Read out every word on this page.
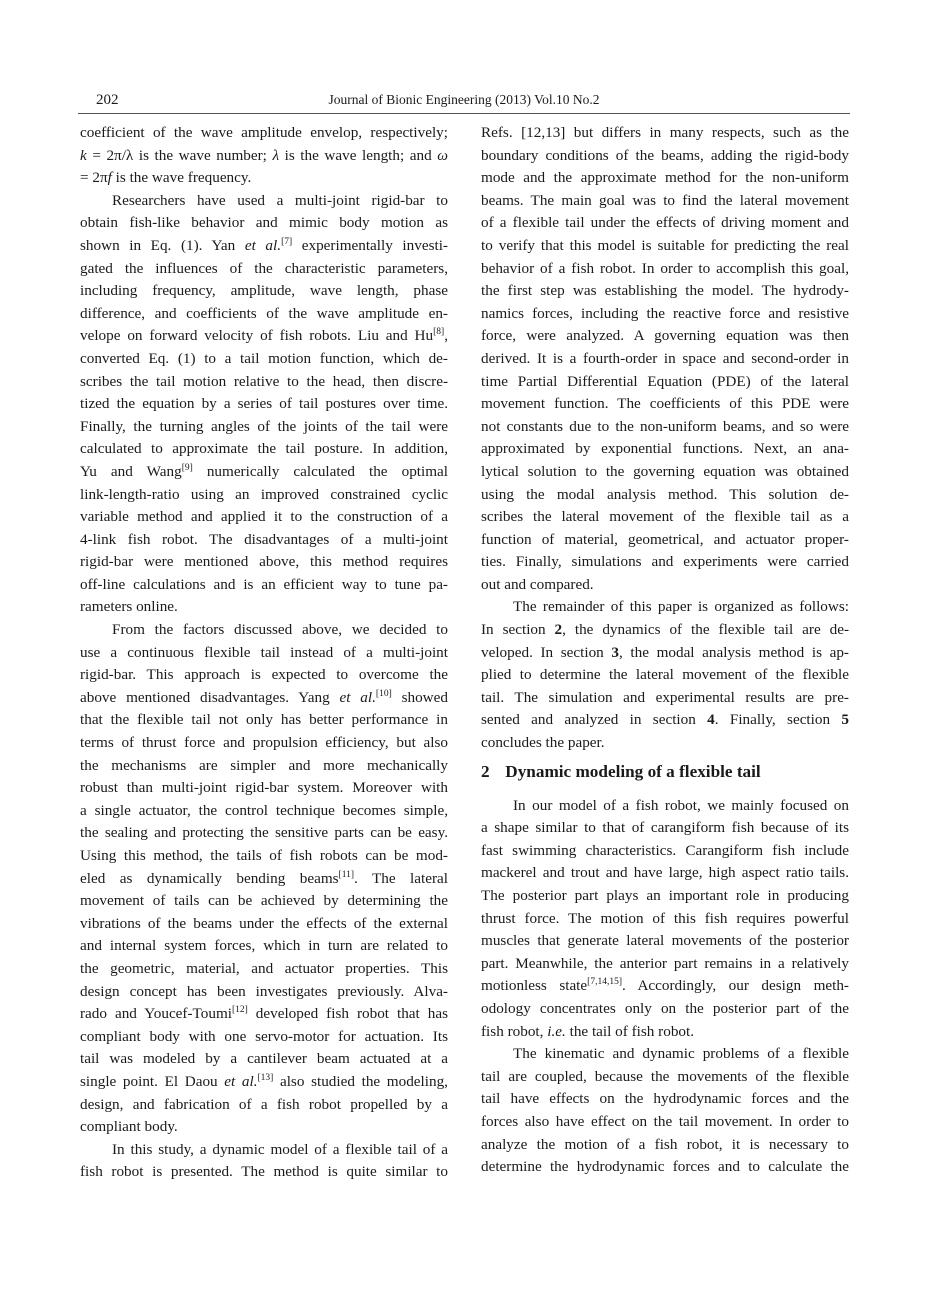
202	Journal of Bionic Engineering (2013) Vol.10 No.2
coefficient of the wave amplitude envelop, respectively;
k = 2π/λ is the wave number; λ is the wave length; and ω
= 2πf is the wave frequency.
Researchers have used a multi-joint rigid-bar to
obtain fish-like behavior and mimic body motion as
shown in Eq. (1). Yan et al.[7] experimentally investi-
gated the influences of the characteristic parameters,
including frequency, amplitude, wave length, phase
difference, and coefficients of the wave amplitude en-
velope on forward velocity of fish robots. Liu and Hu[8],
converted Eq. (1) to a tail motion function, which de-
scribes the tail motion relative to the head, then discre-
tized the equation by a series of tail postures over time.
Finally, the turning angles of the joints of the tail were
calculated to approximate the tail posture. In addition,
Yu and Wang[9] numerically calculated the optimal
link-length-ratio using an improved constrained cyclic
variable method and applied it to the construction of a
4-link fish robot. The disadvantages of a multi-joint
rigid-bar were mentioned above, this method requires
off-line calculations and is an efficient way to tune pa-
rameters online.
From the factors discussed above, we decided to
use a continuous flexible tail instead of a multi-joint
rigid-bar. This approach is expected to overcome the
above mentioned disadvantages. Yang et al.[10] showed
that the flexible tail not only has better performance in
terms of thrust force and propulsion efficiency, but also
the mechanisms are simpler and more mechanically
robust than multi-joint rigid-bar system. Moreover with
a single actuator, the control technique becomes simple,
the sealing and protecting the sensitive parts can be easy.
Using this method, the tails of fish robots can be mod-
eled as dynamically bending beams[11]. The lateral
movement of tails can be achieved by determining the
vibrations of the beams under the effects of the external
and internal system forces, which in turn are related to
the geometric, material, and actuator properties. This
design concept has been investigates previously. Alva-
rado and Youcef-Toumi[12] developed fish robot that has
compliant body with one servo-motor for actuation. Its
tail was modeled by a cantilever beam actuated at a
single point. El Daou et al.[13] also studied the modeling,
design, and fabrication of a fish robot propelled by a
compliant body.
In this study, a dynamic model of a flexible tail of a
fish robot is presented. The method is quite similar to
Refs. [12,13] but differs in many respects, such as the
boundary conditions of the beams, adding the rigid-body
mode and the approximate method for the non-uniform
beams. The main goal was to find the lateral movement
of a flexible tail under the effects of driving moment and
to verify that this model is suitable for predicting the real
behavior of a fish robot. In order to accomplish this goal,
the first step was establishing the model. The hydrody-
namics forces, including the reactive force and resistive
force, were analyzed. A governing equation was then
derived. It is a fourth-order in space and second-order in
time Partial Differential Equation (PDE) of the lateral
movement function. The coefficients of this PDE were
not constants due to the non-uniform beams, and so were
approximated by exponential functions. Next, an ana-
lytical solution to the governing equation was obtained
using the modal analysis method. This solution de-
scribes the lateral movement of the flexible tail as a
function of material, geometrical, and actuator proper-
ties. Finally, simulations and experiments were carried
out and compared.
The remainder of this paper is organized as follows:
In section 2, the dynamics of the flexible tail are de-
veloped. In section 3, the modal analysis method is ap-
plied to determine the lateral movement of the flexible
tail. The simulation and experimental results are pre-
sented and analyzed in section 4. Finally, section 5
concludes the paper.
2 Dynamic modeling of a flexible tail
In our model of a fish robot, we mainly focused on
a shape similar to that of carangiform fish because of its
fast swimming characteristics. Carangiform fish include
mackerel and trout and have large, high aspect ratio tails.
The posterior part plays an important role in producing
thrust force. The motion of this fish requires powerful
muscles that generate lateral movements of the posterior
part. Meanwhile, the anterior part remains in a relatively
motionless state[7,14,15]. Accordingly, our design meth-
odology concentrates only on the posterior part of the
fish robot, i.e. the tail of fish robot.
The kinematic and dynamic problems of a flexible
tail are coupled, because the movements of the flexible
tail have effects on the hydrodynamic forces and the
forces also have effect on the tail movement. In order to
analyze the motion of a fish robot, it is necessary to
determine the hydrodynamic forces and to calculate the
